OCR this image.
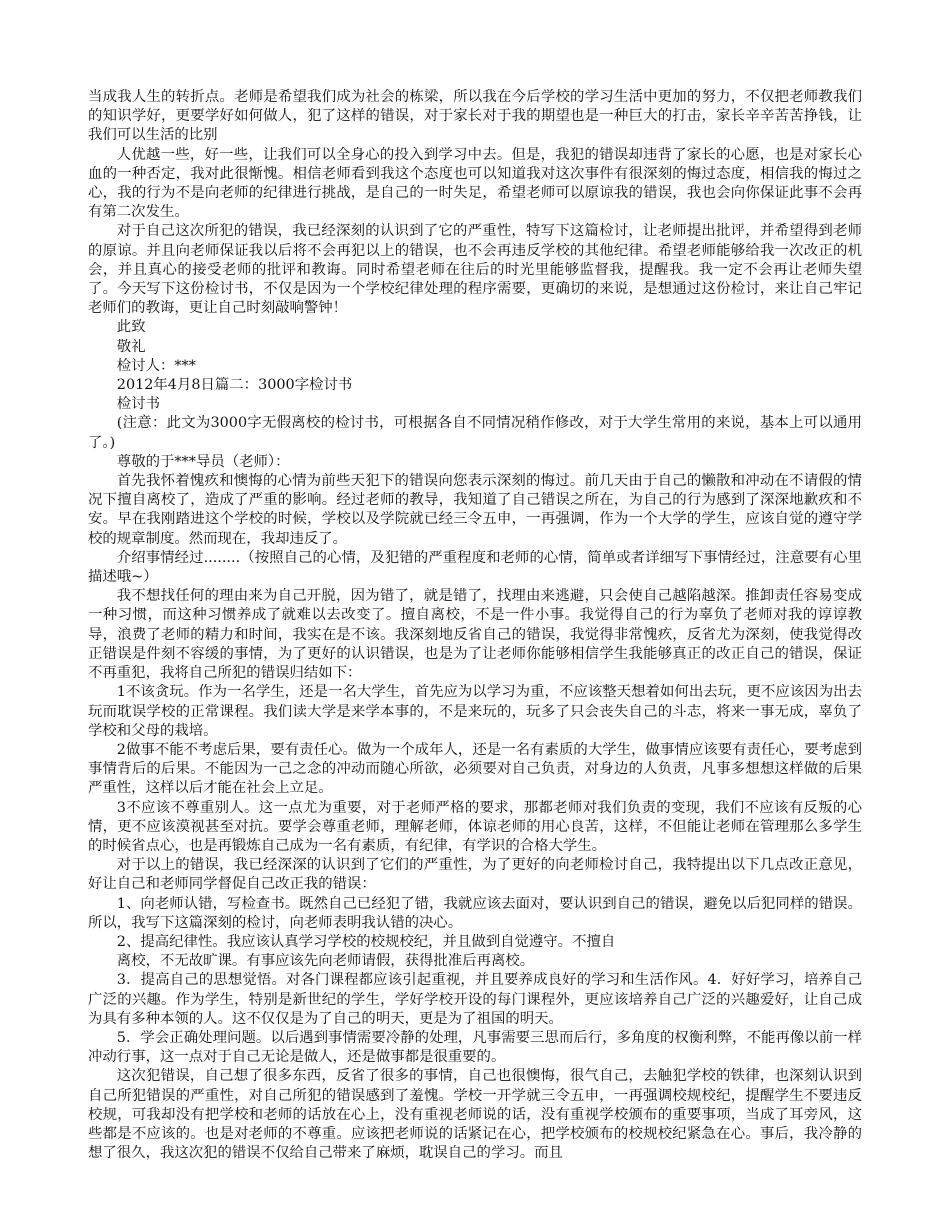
当成我人生的转折点。老师是希望我们成为社会的栋梁，所以我在今后学校的学习生活中更加的努力，不仅把老师教我们的知识学好，更要学好如何做人，犯了这样的错误，对于家长对于我的期望也是一种巨大的打击，家长辛辛苦苦挣钱，让我们可以生活的比别

人优越一些，好一些，让我们可以全身心的投入到学习中去。但是，我犯的错误却违背了家长的心愿，也是对家长心血的一种否定，我对此很惭愧。相信老师看到我这个态度也可以知道我对这次事件有很深刻的悔过态度，相信我的悔过之心，我的行为不是向老师的纪律进行挑战，是自己的一时失足，希望老师可以原谅我的错误，我也会向你保证此事不会再有第二次发生。

对于自己这次所犯的错误，我已经深刻的认识到了它的严重性，特写下这篇检讨，让老师提出批评，并希望得到老师的原谅。并且向老师保证我以后将不会再犯以上的错误，也不会再违反学校的其他纪律。希望老师能够给我一次改正的机会，并且真心的接受老师的批评和教诲。同时希望老师在往后的时光里能够监督我，提醒我。我一定不会再让老师失望了。今天写下这份检讨书，不仅是因为一个学校纪律处理的程序需要，更确切的来说，是想通过这份检讨，来让自己牢记老师们的教诲，更让自己时刻敲响警钟！

此致

敬礼

检讨人：***

2012年4月8日篇二：3000字检讨书

检讨书

(注意：此文为3000字无假离校的检讨书，可根据各自不同情况稍作修改，对于大学生常用的来说，基本上可以通用了。)

尊敬的于***导员（老师）：

首先我怀着愧疚和懊悔的心情为前些天犯下的错误向您表示深刻的悔过。前几天由于自己的懒散和冲动在不请假的情况下擅自离校了，造成了严重的影响。经过老师的教导，我知道了自己错误之所在，为自己的行为感到了深深地歉疚和不安。早在我刚踏进这个学校的时候，学校以及学院就已经三令五申，一再强调，作为一个大学的学生，应该自觉的遵守学校的规章制度。然而现在，我却违反了。

介绍事情经过........（按照自己的心情，及犯错的严重程度和老师的心情，简单或者详细写下事情经过，注意要有心里描述哦~）

我不想找任何的理由来为自己开脱，因为错了，就是错了，找理由来逃避，只会使自己越陷越深。推卸责任容易变成一种习惯，而这种习惯养成了就难以去改变了。擅自离校，不是一件小事。我觉得自己的行为辜负了老师对我的谆谆教导，浪费了老师的精力和时间，我实在是不该。我深刻地反省自己的错误，我觉得非常愧疚，反省尤为深刻，使我觉得改正错误是件刻不容缓的事情，为了更好的认识错误，也是为了让老师你能够相信学生我能够真正的改正自己的错误，保证不再重犯，我将自己所犯的错误归结如下：

1不该贪玩。作为一名学生，还是一名大学生，首先应为以学习为重，不应该整天想着如何出去玩，更不应该因为出去玩而耽误学校的正常课程。我们读大学是来学本事的，不是来玩的，玩多了只会丧失自己的斗志，将来一事无成，辜负了学校和父母的栽培。

2做事不能不考虑后果，要有责任心。做为一个成年人，还是一名有素质的大学生，做事情应该要有责任心，要考虑到事情背后的后果。不能因为一己之念的冲动而随心所欲，必须要对自己负责，对身边的人负责，凡事多想想这样做的后果严重性，这样以后才能在社会上立足。

3不应该不尊重别人。这一点尤为重要，对于老师严格的要求，那都老师对我们负责的变现，我们不应该有反叛的心情，更不应该漠视甚至对抗。要学会尊重老师，理解老师，体谅老师的用心良苦，这样，不但能让老师在管理那么多学生的时候省点心，也是再锻炼自己成为一名有素质，有纪律，有学识的合格大学生。

对于以上的错误，我已经深深的认识到了它们的严重性，为了更好的向老师检讨自己，我特提出以下几点改正意见，好让自己和老师同学督促自己改正我的错误：

1、向老师认错，写检查书。既然自己已经犯了错，我就应该去面对，要认识到自己的错误，避免以后犯同样的错误。所以，我写下这篇深刻的检讨，向老师表明我认错的决心。

2、提高纪律性。我应该认真学习学校的校规校纪，并且做到自觉遵守。不擅自

离校，不无故旷课。有事应该先向老师请假，获得批准后再离校。

3．提高自己的思想觉悟。对各门课程都应该引起重视，并且要养成良好的学习和生活作风。4．好好学习，培养自己广泛的兴趣。作为学生，特别是新世纪的学生，学好学校开设的每门课程外，更应该培养自己广泛的兴趣爱好，让自己成为具有多种本领的人。这不仅仅是为了自己的明天，更是为了祖国的明天。

5．学会正确处理问题。以后遇到事情需要冷静的处理，凡事需要三思而后行，多角度的权衡利弊，不能再像以前一样冲动行事，这一点对于自己无论是做人，还是做事都是很重要的。

这次犯错误，自己想了很多东西，反省了很多的事情，自己也很懊悔，很气自己，去触犯学校的铁律，也深刻认识到自己所犯错误的严重性，对自己所犯的错误感到了羞愧。学校一开学就三令五申，一再强调校规校纪，提醒学生不要违反校规，可我却没有把学校和老师的话放在心上，没有重视老师说的话，没有重视学校颁布的重要事项，当成了耳旁风，这些都是不应该的。也是对老师的不尊重。应该把老师说的话紧记在心，把学校颁布的校规校纪紧急在心。事后，我冷静的想了很久，我这次犯的错误不仅给自己带来了麻烦，耽误自己的学习。而且
